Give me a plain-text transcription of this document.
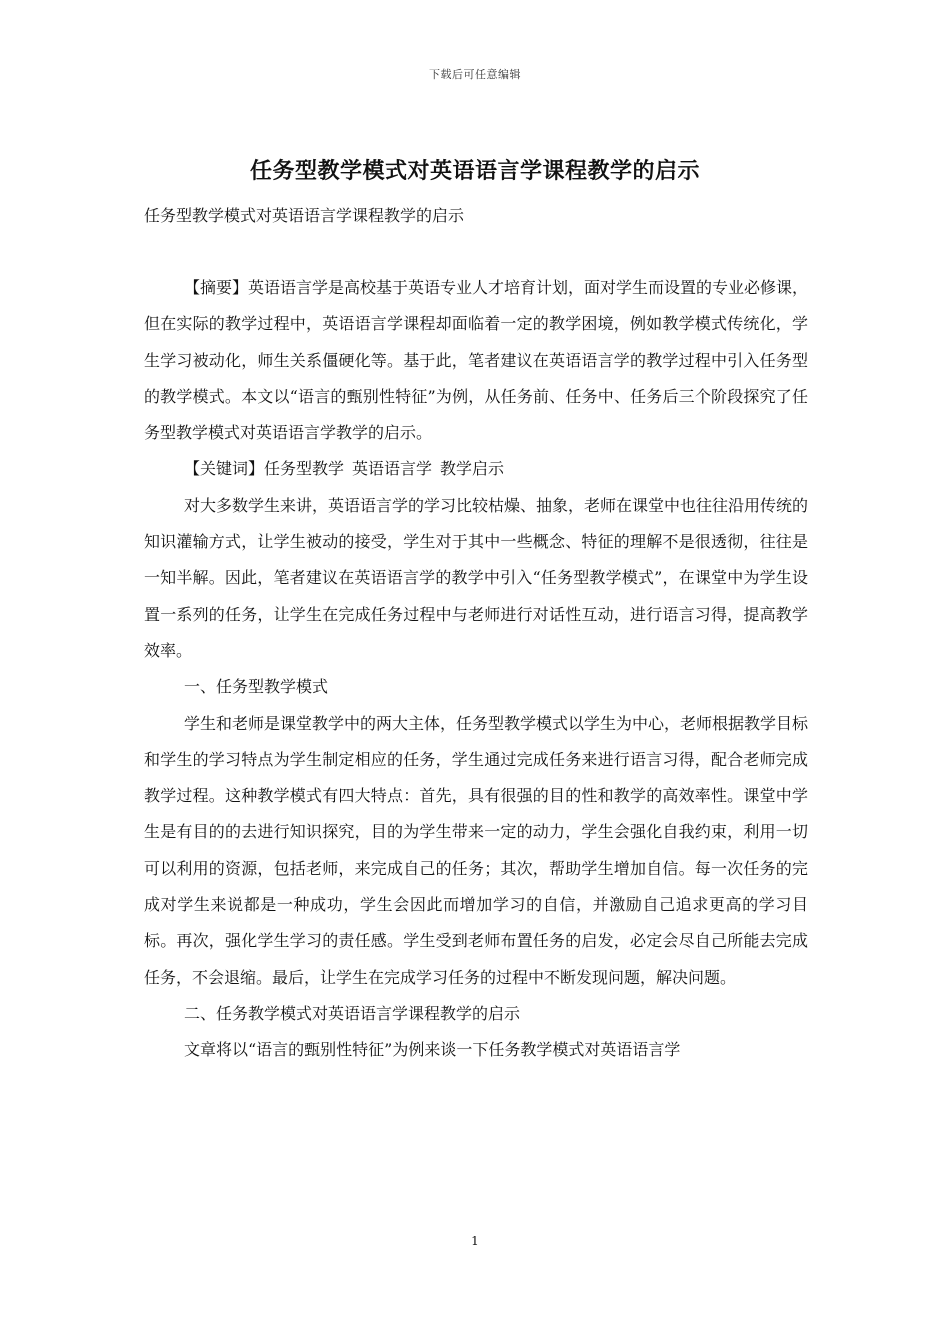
下载后可任意编辑
任务型教学模式对英语语言学课程教学的启示
任务型教学模式对英语语言学课程教学的启示

【摘要】英语语言学是高校基于英语专业人才培育计划，面对学生而设置的专业必修课，但在实际的教学过程中，英语语言学课程却面临着一定的教学困境，例如教学模式传统化，学生学习被动化，师生关系僵硬化等。基于此，笔者建议在英语语言学的教学过程中引入任务型的教学模式。本文以“语言的甄别性特征”为例，从任务前、任务中、任务后三个阶段探究了任务型教学模式对英语语言学教学的启示。

【关键词】任务型教学 英语语言学 教学启示

对大多数学生来讲，英语语言学的学习比较枯燥、抽象，老师在课堂中也往往沿用传统的知识灌输方式，让学生被动的接受，学生对于其中一些概念、特征的理解不是很透彻，往往是一知半解。因此，笔者建议在英语语言学的教学中引入“任务型教学模式”，在课堂中为学生设置一系列的任务，让学生在完成任务过程中与老师进行对话性互动，进行语言习得，提高教学效率。

一、任务型教学模式

学生和老师是课堂教学中的两大主体，任务型教学模式以学生为中心，老师根据教学目标和学生的学习特点为学生制定相应的任务，学生通过完成任务来进行语言习得，配合老师完成教学过程。这种教学模式有四大特点：首先，具有很强的目的性和教学的高效率性。课堂中学生是有目的的去进行知识探究，目的为学生带来一定的动力，学生会强化自我约束，利用一切可以利用的资源，包括老师，来完成自己的任务；其次，帮助学生增加自信。每一次任务的完成对学生来说都是一种成功，学生会因此而增加学习的自信，并激励自己追求更高的学习目标。再次，强化学生学习的责任感。学生受到老师布置任务的启发，必定会尽自己所能去完成任务，不会退缩。最后，让学生在完成学习任务的过程中不断发现问题，解决问题。

二、任务教学模式对英语语言学课程教学的启示

文章将以“语言的甄别性特征”为例来谈一下任务教学模式对英语语言学

1
